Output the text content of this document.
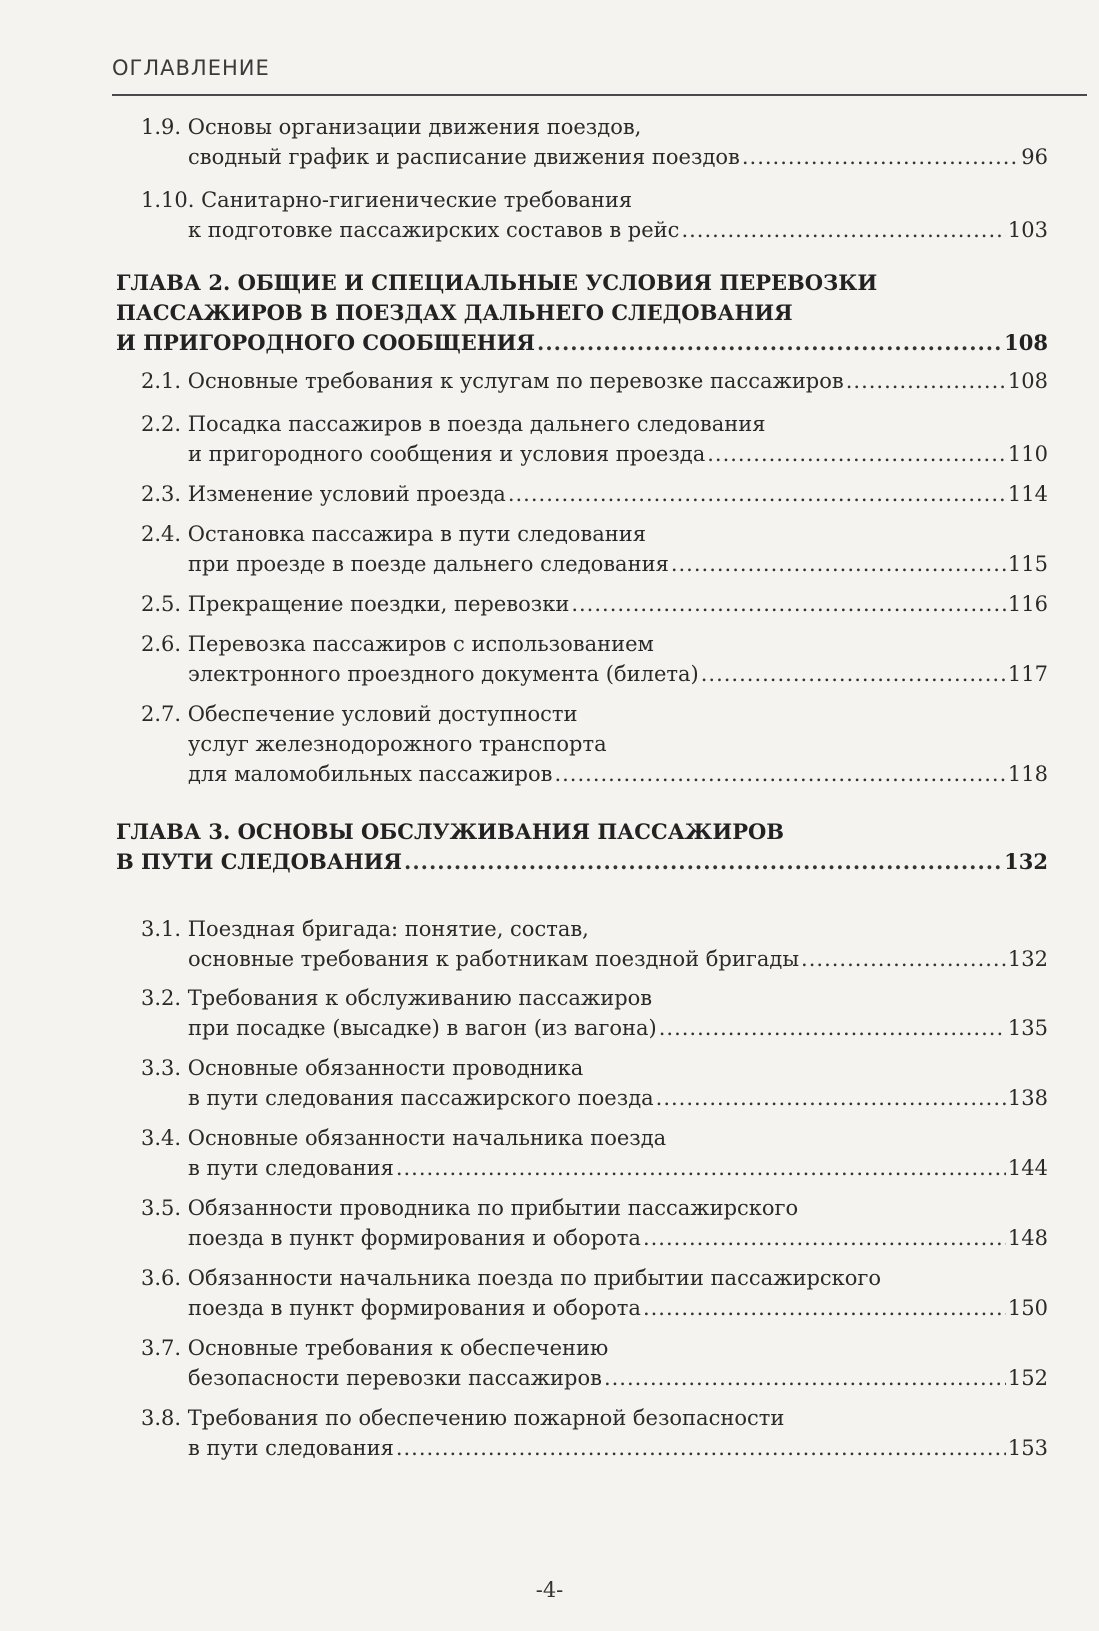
ОГЛАВЛЕНИЕ
1.9. Основы организации движения поездов,
сводный график и расписание движения поездов .....	96
1.10. Санитарно-гигиенические требования
к подготовке пассажирских составов в рейс .....	103
ГЛАВА 2. ОБЩИЕ И СПЕЦИАЛЬНЫЕ УСЛОВИЯ ПЕРЕВОЗКИ
ПАССАЖИРОВ В ПОЕЗДАХ ДАЛЬНЕГО СЛЕДОВАНИЯ
И ПРИГОРОДНОГО СООБЩЕНИЯ .....	108
2.1. Основные требования к услугам по перевозке пассажиров .....	108
2.2. Посадка пассажиров в поезда дальнего следования
и пригородного сообщения и условия проезда .....	110
2.3. Изменение условий проезда .....	114
2.4. Остановка пассажира в пути следования
при проезде в поезде дальнего следования .....	115
2.5. Прекращение поездки, перевозки .....	116
2.6. Перевозка пассажиров с использованием
электронного проездного документа (билета) .....	117
2.7. Обеспечение условий доступности
услуг железнодорожного транспорта
для маломобильных пассажиров .....	118
ГЛАВА 3. ОСНОВЫ ОБСЛУЖИВАНИЯ ПАССАЖИРОВ
В ПУТИ СЛЕДОВАНИЯ .....	132
3.1. Поездная бригада: понятие, состав,
основные требования к работникам поездной бригады .....	132
3.2. Требования к обслуживанию пассажиров
при посадке (высадке) в вагон (из вагона) .....	135
3.3. Основные обязанности проводника
в пути следования пассажирского поезда .....	138
3.4. Основные обязанности начальника поезда
в пути следования .....	144
3.5. Обязанности проводника по прибытии пассажирского
поезда в пункт формирования и оборота .....	148
3.6. Обязанности начальника поезда по прибытии пассажирского
поезда в пункт формирования и оборота .....	150
3.7. Основные требования к обеспечению
безопасности перевозки пассажиров .....	152
3.8. Требования по обеспечению пожарной безопасности
в пути следования .....	153
-4-
